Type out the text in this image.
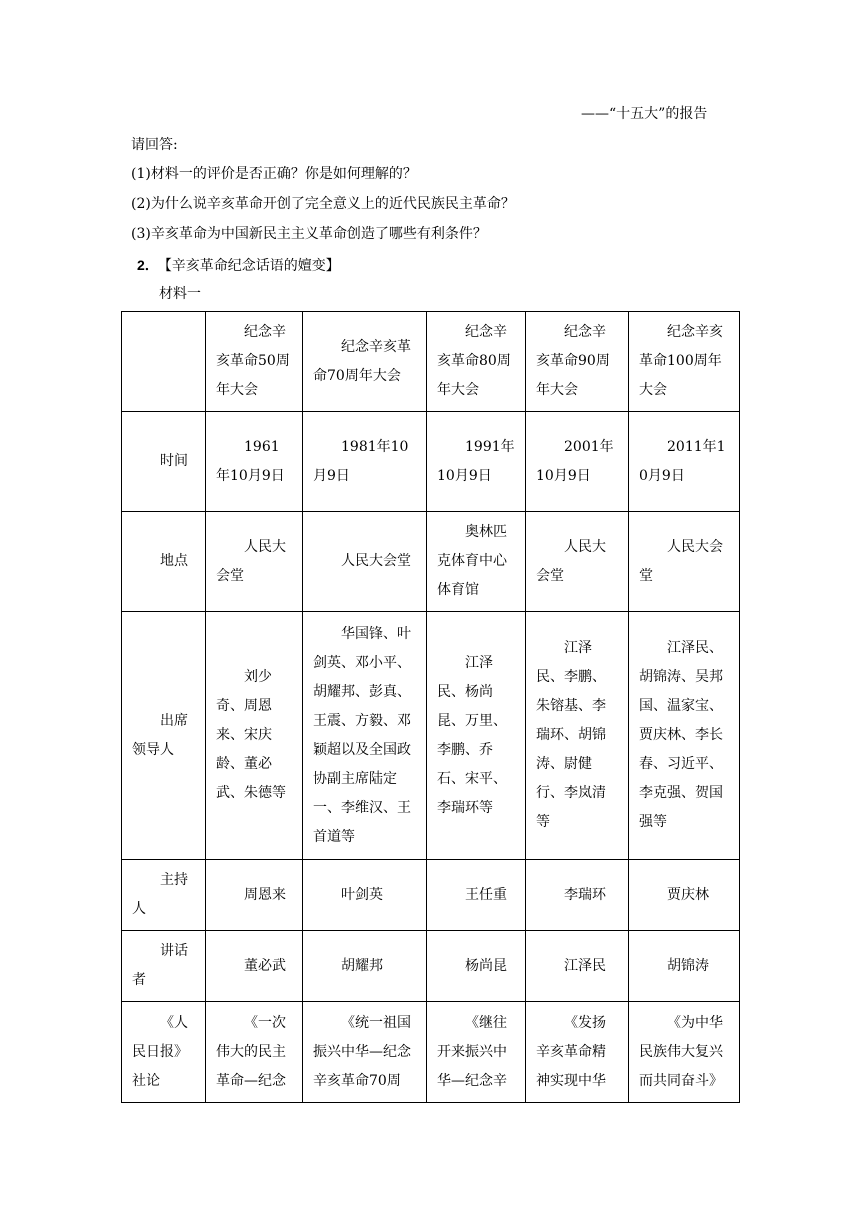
——“十五大”的报告
请回答:
(1)材料一的评价是否正确？你是如何理解的？
(2)为什么说辛亥革命开创了完全意义上的近代民族民主革命？
(3)辛亥革命为中国新民主主义革命创造了哪些有利条件？
2． 【辛亥革命纪念话语的嬗变】
材料一

	纪念辛亥革命50周年大会	纪念辛亥革命70周年大会	纪念辛亥革命80周年大会	纪念辛亥革命90周年大会	纪念辛亥革命100周年大会

时间	1961年10月9日	1981年10月9日	1991年10月9日	2001年10月9日	2011年10月9日

地点	人民大会堂	人民大会堂	奥林匹克体育中心体育馆	人民大会堂	人民大会堂

出席领导人	刘少奇、周恩来、宋庆龄、董必武、朱德等	华国锋、叶剑英、邓小平、胡耀邦、彭真、王震、方毅、邓颖超以及全国政协副主席陆定一、李维汉、王首道等	江泽民、杨尚昆、万里、李鹏、乔石、宋平、李瑞环等	江泽民、李鹏、朱镕基、李瑞环、胡锦涛、尉健行、李岚清等	江泽民、胡锦涛、吴邦国、温家宝、贾庆林、李长春、习近平、李克强、贺国强等

主持人	周恩来	叶剑英	王任重	李瑞环	贾庆林

讲话者	董必武	胡耀邦	杨尚昆	江泽民	胡锦涛

《人民日报》社论	《一次伟大的民主革命—纪念	《统一祖国振兴中华—纪念辛亥革命70周	《继往开来振兴中华—纪念辛	《发扬辛亥革命精神实现中华	《为中华民族伟大复兴而共同奋斗》
